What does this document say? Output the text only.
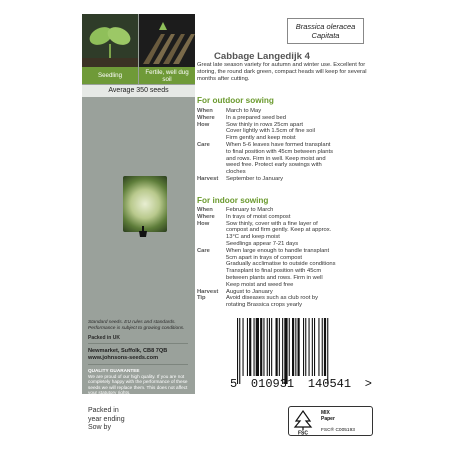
Seedling	Fertile, well dug soil
Average 350 seeds
Standard seeds. EU rules and standards. Performance is subject to growing conditions.
Packed in UK
Newmarket, Suffolk, CB8 7QB
www.johnsons-seeds.com
QUALITY GUARANTEE
We are proud of our high quality. If you are not completely happy with the performance of these seeds we will replace them. This does not affect your statutory rights.
Packed in
year ending
Sow by
Brassica oleracea
Capitata
Cabbage Langedijk 4
Great late season variety for autumn and winter use. Excellent for storing, the round dark green, compact heads will keep for several months after cutting.
For outdoor sowing
When	March to May
Where	In a prepared seed bed
How	Sow thinly in rows 25cm apart
Cover lightly with 1.5cm of fine soil
Firm gently and keep moist
Care	When 5-6 leaves have formed transplant
to final position with 45cm between plants
and rows. Firm in well. Keep moist and
weed free. Protect early sowings with
cloches
Harvest	September to January
For indoor sowing
When	February to March
Where	In trays of moist compost
How	Sow thinly, cover with a fine layer of
compost and firm gently. Keep at approx.
13°C and keep moist
Seedlings appear 7-21 days
Care	When large enough to handle transplant
5cm apart in trays of compost
Gradually acclimatise to outside conditions
Transplant to final position with 45cm
between plants and rows. Firm in well
Keep moist and weed free
Harvest	August to January
Tip	Avoid diseases such as club root by
rotating Brassica crops yearly
5 010931 140541 >
FSC
MIX
Paper
FSC® C005193
